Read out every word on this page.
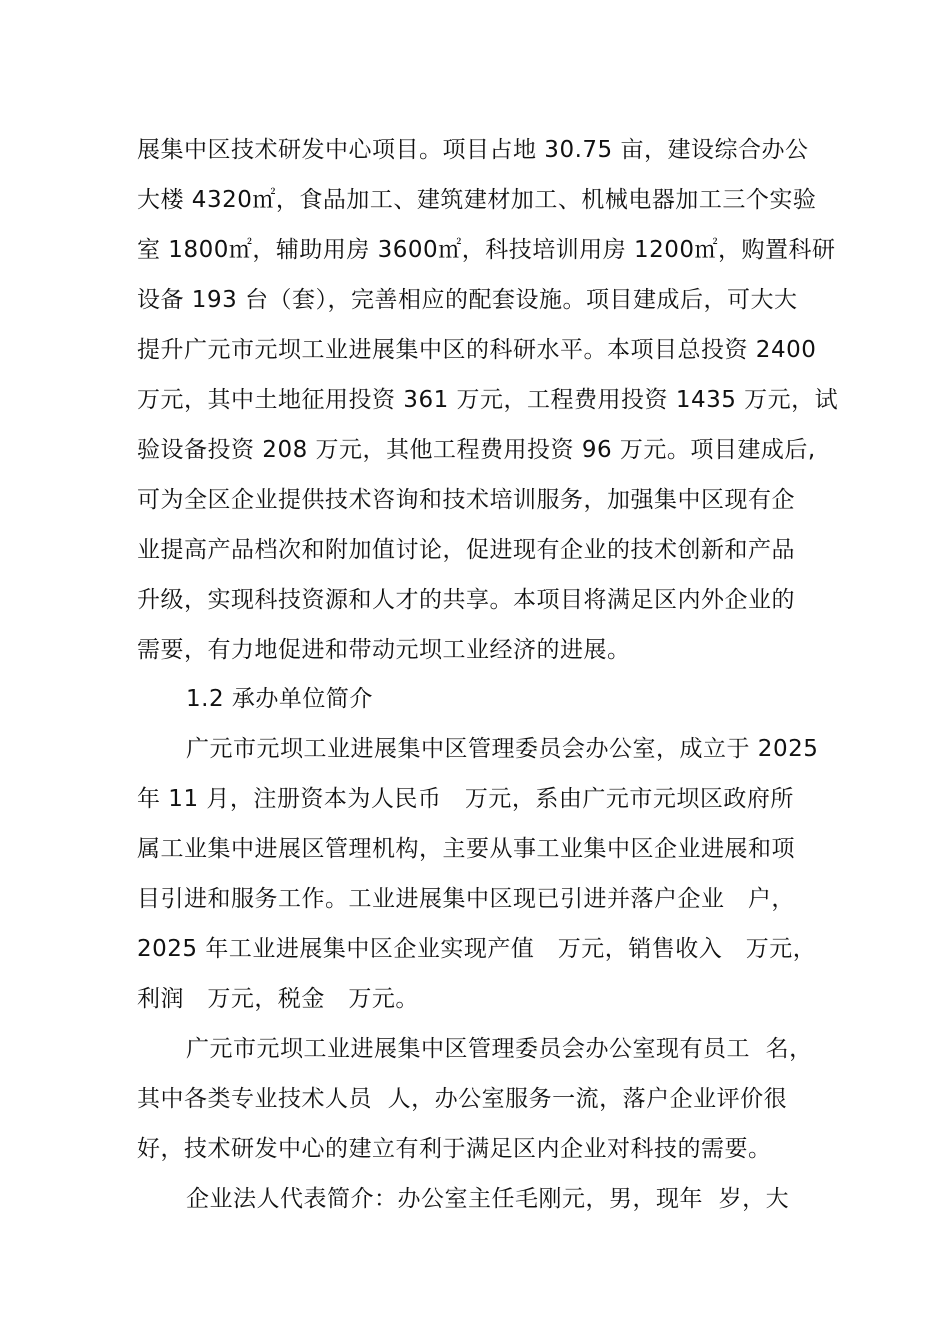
展集中区技术研发中心项目。项目占地 30.75 亩，建设综合办公
大楼 4320㎡，食品加工、建筑建材加工、机械电器加工三个实验
室 1800㎡，辅助用房 3600㎡，科技培训用房 1200㎡，购置科研
设备 193 台（套），完善相应的配套设施。项目建成后，可大大
提升广元市元坝工业进展集中区的科研水平。本项目总投资 2400
万元，其中土地征用投资 361 万元，工程费用投资 1435 万元，试
验设备投资 208 万元，其他工程费用投资 96 万元。项目建成后,
可为全区企业提供技术咨询和技术培训服务，加强集中区现有企
业提高产品档次和附加值讨论，促进现有企业的技术创新和产品
升级，实现科技资源和人才的共享。本项目将满足区内外企业的
需要，有力地促进和带动元坝工业经济的进展。
1.2 承办单位简介
广元市元坝工业进展集中区管理委员会办公室，成立于 2025
年 11 月，注册资本为人民币   万元，系由广元市元坝区政府所
属工业集中进展区管理机构，主要从事工业集中区企业进展和项
目引进和服务工作。工业进展集中区现已引进并落户企业   户，
2025 年工业进展集中区企业实现产值   万元，销售收入   万元，
利润   万元，税金   万元。
广元市元坝工业进展集中区管理委员会办公室现有员工  名，
其中各类专业技术人员  人，办公室服务一流，落户企业评价很
好，技术研发中心的建立有利于满足区内企业对科技的需要。
企业法人代表简介：办公室主任毛刚元，男，现年  岁，大
